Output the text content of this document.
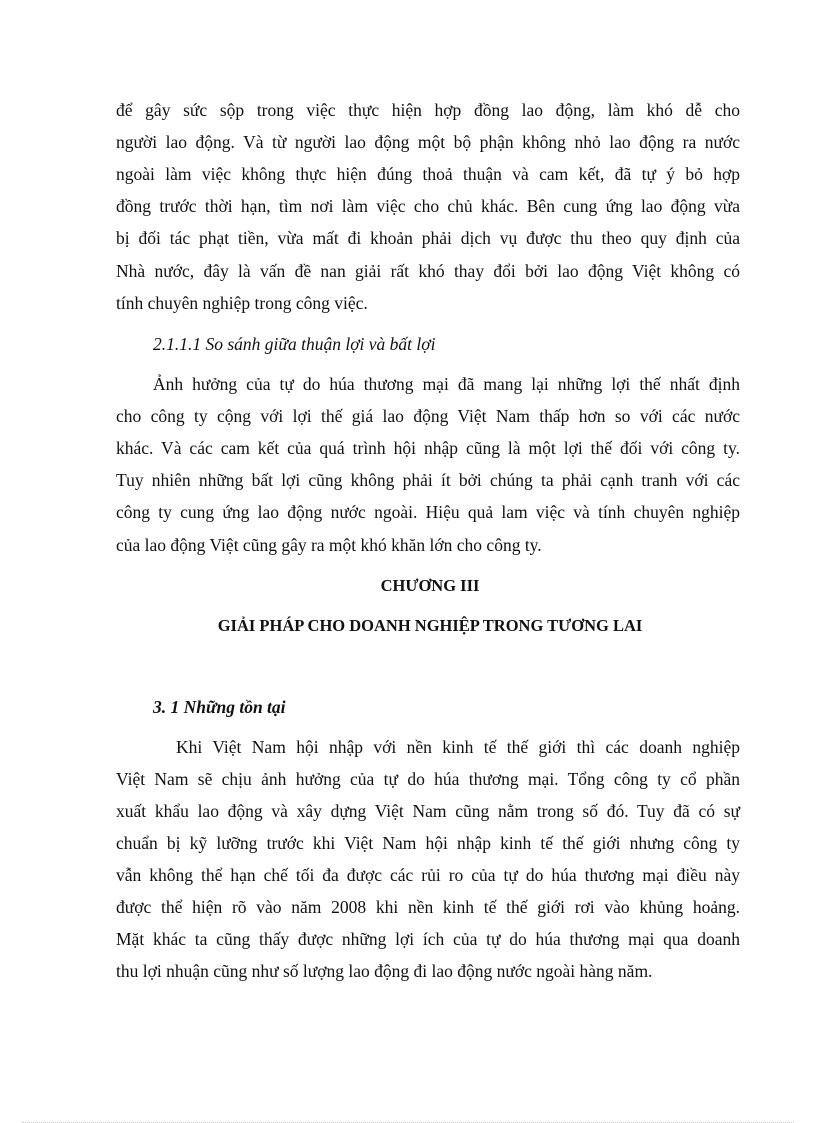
để gây sức sộp trong việc thực hiện hợp đồng lao động, làm khó dễ cho
người lao động. Và từ người lao động một bộ phận không nhỏ lao động ra nước
ngoài làm việc không thực hiện đúng thoả thuận và cam kết, đã tự ý bỏ hợp
đồng trước thời hạn, tìm nơi làm việc cho chủ khác. Bên cung ứng lao động vừa
bị đối tác phạt tiền, vừa mất đi khoản phải dịch vụ được thu theo quy định của
Nhà nước, đây là vấn đề nan giải rất khó thay đổi bởi lao động Việt không có
tính chuyên nghiệp trong công việc.
2.1.1.1 So sánh giữa thuận lợi và bất lợi
Ảnh hưởng của tự do húa thương mại đã mang lại những lợi thế nhất định
cho công ty cộng với lợi thế giá lao động Việt Nam thấp hơn so với các nước
khác. Và các cam kết của quá trình hội nhập cũng là một lợi thế đối với công ty.
Tuy nhiên những bất lợi cũng không phải ít bởi chúng ta phải cạnh tranh với các
công ty cung ứng lao động nước ngoài. Hiệu quả lam việc và tính chuyên nghiệp
của lao động Việt cũng gây ra một khó khăn lớn cho công ty.
CHƯƠNG III
GIẢI PHÁP CHO DOANH NGHIỆP TRONG TƯƠNG LAI
3. 1 Những tồn tại
Khi Việt Nam hội nhập với nền kinh tế thế giới thì các doanh nghiệp
Việt Nam sẽ chịu ảnh hưởng của tự do húa thương mại. Tổng công ty cổ phần
xuất khẩu lao động và xây dựng Việt Nam cũng nằm trong số đó. Tuy đã có sự
chuẩn bị kỹ lưỡng trước khi Việt Nam hội nhập kinh tế thế giới nhưng công ty
vẫn không thể hạn chế tối đa được các rủi ro của tự do húa thương mại điều này
được thể hiện rõ vào năm 2008 khi nền kinh tế thế giới rơi vào khủng hoảng.
Mặt khác ta cũng thấy được những lợi ích của tự do húa thương mại qua doanh
thu lợi nhuận cũng như số lượng lao động đi lao động nước ngoài hàng năm.
